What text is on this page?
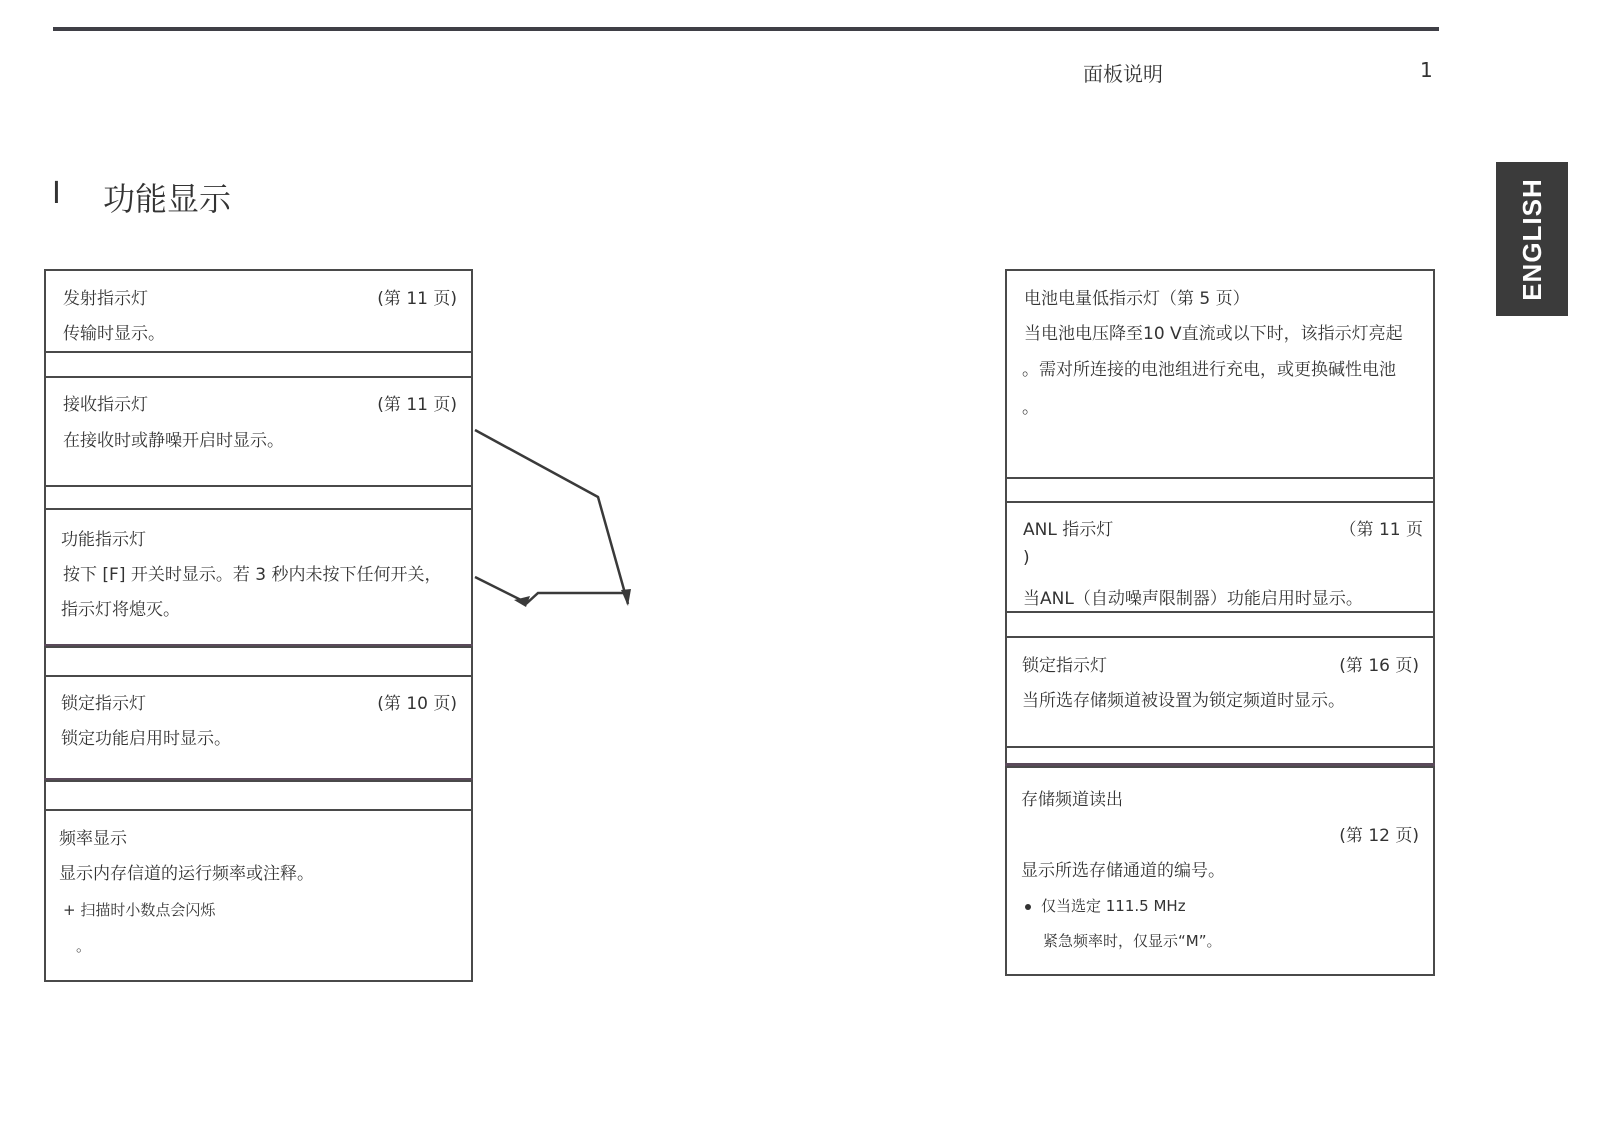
面板说明	1
I 功能显示	ENGLISH
发射指示灯	(第 11 页)
传输时显示。
接收指示灯	(第 11 页)
在接收时或静噪开启时显示。
功能指示灯
按下 [F] 开关时显示。若 3 秒内未按下任何开关，
指示灯将熄灭。
锁定指示灯	(第 10 页)
锁定功能启用时显示。
频率显示
显示内存信道的运行频率或注释。
+ 扫描时小数点会闪烁
。
电池电量低指示灯（第 5 页）
当电池电压降至10 V直流或以下时，该指示灯亮起
。需对所连接的电池组进行充电，或更换碱性电池
。
ANL 指示灯	（第 11 页
)
当ANL（自动噪声限制器）功能启用时显示。
锁定指示灯	(第 16 页)
当所选存储频道被设置为锁定频道时显示。
存储频道读出
(第 12 页)
显示所选存储通道的编号。
仅当选定 111.5 MHz
紧急频率时，仅显示“M”。
